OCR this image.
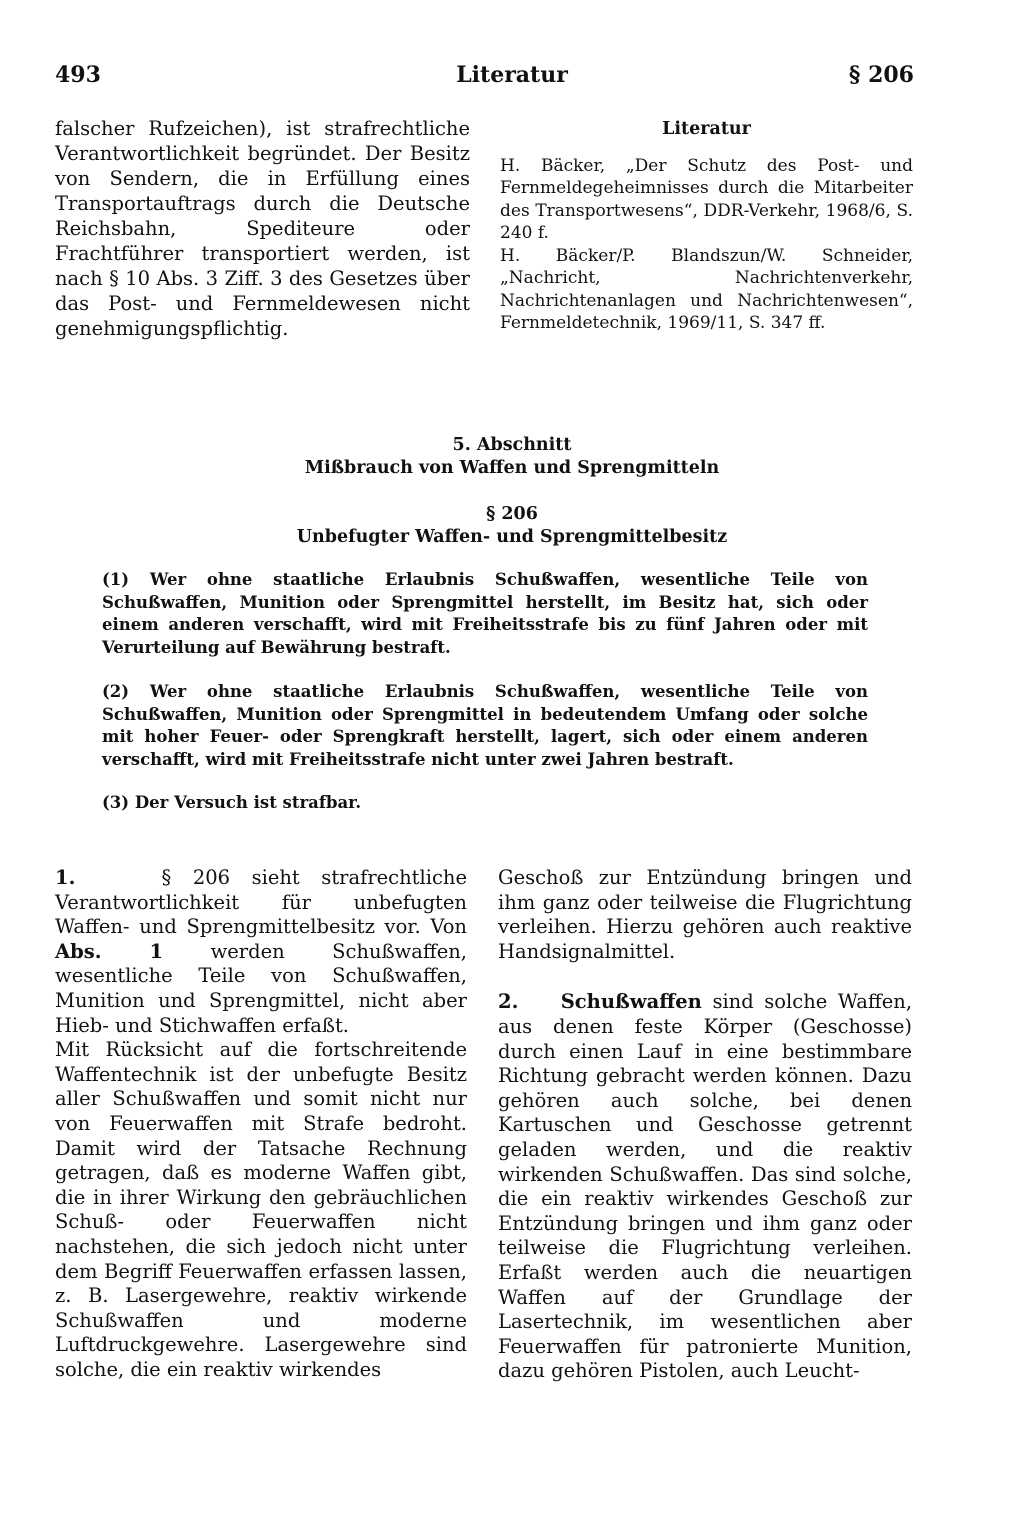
493	Literatur	§ 206

falscher Rufzeichen), ist strafrechtliche Verantwortlichkeit begründet. Der Besitz von Sendern, die in Erfüllung eines Transportauftrags durch die Deutsche Reichsbahn, Spediteure oder Frachtführer transportiert werden, ist nach § 10 Abs. 3 Ziff. 3 des Gesetzes über das Post- und Fernmeldewesen nicht genehmigungspflichtig.

Literatur

H. Bäcker, „Der Schutz des Post- und Fernmeldegeheimnisses durch die Mitarbeiter des Transportwesens“, DDR-Verkehr, 1968/6, S. 240 f.

H. Bäcker/P. Blandszun/W. Schneider, „Nachricht, Nachrichtenverkehr, Nachrichtenanlagen und Nachrichtenwesen“, Fernmeldetechnik, 1969/11, S. 347 ff.

5. Abschnitt
Mißbrauch von Waffen und Sprengmitteln
§ 206
Unbefugter Waffen- und Sprengmittelbesitz
(1) Wer ohne staatliche Erlaubnis Schußwaffen, wesentliche Teile von Schußwaffen, Munition oder Sprengmittel herstellt, im Besitz hat, sich oder einem anderen verschafft, wird mit Freiheitsstrafe bis zu fünf Jahren oder mit Verurteilung auf Bewährung bestraft.
(2) Wer ohne staatliche Erlaubnis Schußwaffen, wesentliche Teile von Schußwaffen, Munition oder Sprengmittel in bedeutendem Umfang oder solche mit hoher Feuer- oder Sprengkraft herstellt, lagert, sich oder einem anderen verschafft, wird mit Freiheitsstrafe nicht unter zwei Jahren bestraft.
(3) Der Versuch ist strafbar.

1.	§ 206 sieht strafrechtliche Verantwortlichkeit für unbefugten Waffen- und Sprengmittelbesitz vor. Von Abs. 1 werden Schußwaffen, wesentliche Teile von Schußwaffen, Munition und Sprengmittel, nicht aber Hieb- und Stichwaffen erfaßt.

Mit Rücksicht auf die fortschreitende Waffentechnik ist der unbefugte Besitz aller Schußwaffen und somit nicht nur von Feuerwaffen mit Strafe bedroht. Damit wird der Tatsache Rechnung getragen, daß es moderne Waffen gibt, die in ihrer Wirkung den gebräuchlichen Schuß- oder Feuerwaffen nicht nachstehen, die sich jedoch nicht unter dem Begriff Feuerwaffen erfassen lassen, z. B. Lasergewehre, reaktiv wirkende Schußwaffen und moderne Luftdruckgewehre. Lasergewehre sind solche, die ein reaktiv wirkendes

Geschoß zur Entzündung bringen und ihm ganz oder teilweise die Flugrichtung verleihen. Hierzu gehören auch reaktive Handsignalmittel.

2. Schußwaffen sind solche Waffen, aus denen feste Körper (Geschosse) durch einen Lauf in eine bestimmbare Richtung gebracht werden können. Dazu gehören auch solche, bei denen Kartuschen und Geschosse getrennt geladen werden, und die reaktiv wirkenden Schußwaffen. Das sind solche, die ein reaktiv wirkendes Geschoß zur Entzündung bringen und ihm ganz oder teilweise die Flugrichtung verleihen. Erfaßt werden auch die neuartigen Waffen auf der Grundlage der Lasertechnik, im wesentlichen aber Feuerwaffen für patronierte Munition, dazu gehören Pistolen, auch Leucht-
